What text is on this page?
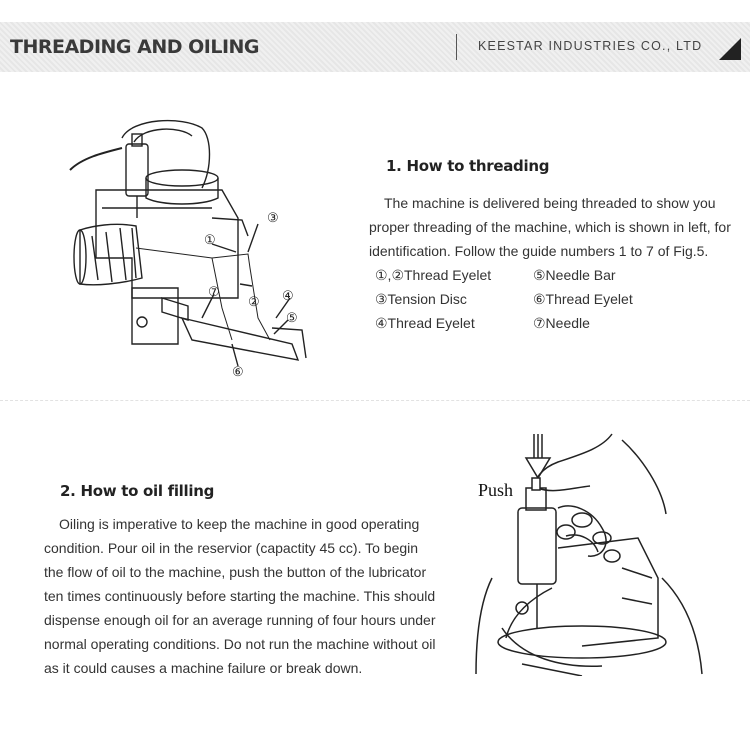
THREADING AND OILING	KEESTAR INDUSTRIES CO., LTD
①
②
③
④
⑤
⑥
⑦
1. How to threading
The machine is delivered being threaded to show you
proper threading of the machine, which is shown in left, for
identification. Follow the guide numbers 1 to 7 of Fig.5.
①,②Thread Eyelet	⑤Needle Bar
③Tension Disc	⑥Thread Eyelet
④Thread Eyelet	⑦Needle
2. How to oil filling
Oiling is imperative to keep the machine in good operating
condition. Pour oil in the reservior (capactity 45 cc). To begin
the flow of oil to the machine, push the button of the lubricator
ten times continuously before starting the machine. This should
dispense enough oil for an average running of four hours under
normal operating conditions. Do not run the machine without oil
as it could causes a machine failure or break down.
Push
